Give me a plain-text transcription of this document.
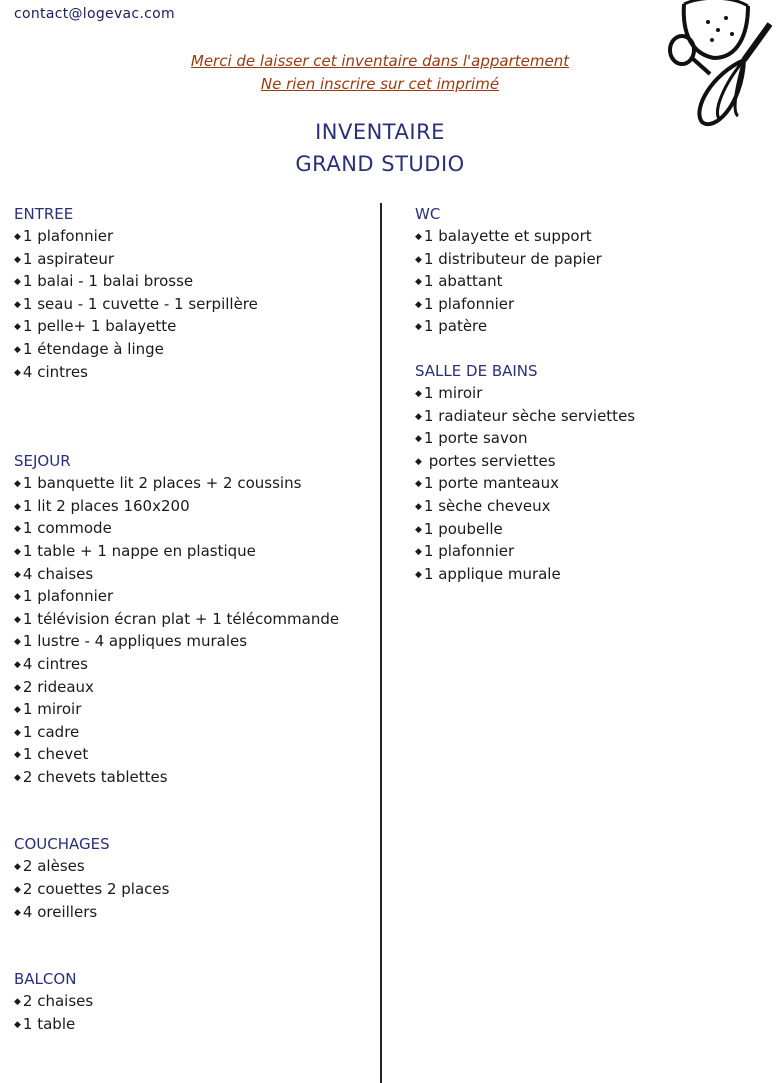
contact@logevac.com
Merci de laisser cet inventaire dans l'appartement
Ne rien inscrire sur cet imprimé
INVENTAIRE
GRAND STUDIO
ENTREE
◆ 1 plafonnier
◆ 1 aspirateur
◆ 1 balai - 1 balai brosse
◆ 1 seau - 1 cuvette - 1 serpillère
◆ 1 pelle+ 1 balayette
◆ 1 étendage à linge
◆ 4 cintres
SEJOUR
◆ 1 banquette lit 2 places + 2 coussins
◆ 1 lit 2 places 160x200
◆ 1 commode
◆ 1 table + 1 nappe en plastique
◆ 4 chaises
◆ 1 plafonnier
◆ 1 télévision écran plat + 1 télécommande
◆ 1 lustre - 4 appliques murales
◆ 4 cintres
◆ 2 rideaux
◆ 1 miroir
◆ 1 cadre
◆ 1 chevet
◆ 2 chevets tablettes
COUCHAGES
◆ 2 alèses
◆ 2 couettes 2 places
◆ 4 oreillers
BALCON
◆ 2 chaises
◆ 1 table
WC
◆ 1 balayette et support
◆ 1 distributeur de papier
◆ 1 abattant
◆ 1 plafonnier
◆ 1 patère
SALLE DE BAINS
◆ 1 miroir
◆ 1 radiateur sèche serviettes
◆ 1 porte savon
◆ portes serviettes
◆ 1 porte manteaux
◆ 1 sèche cheveux
◆ 1 poubelle
◆ 1 plafonnier
◆ 1 applique murale
